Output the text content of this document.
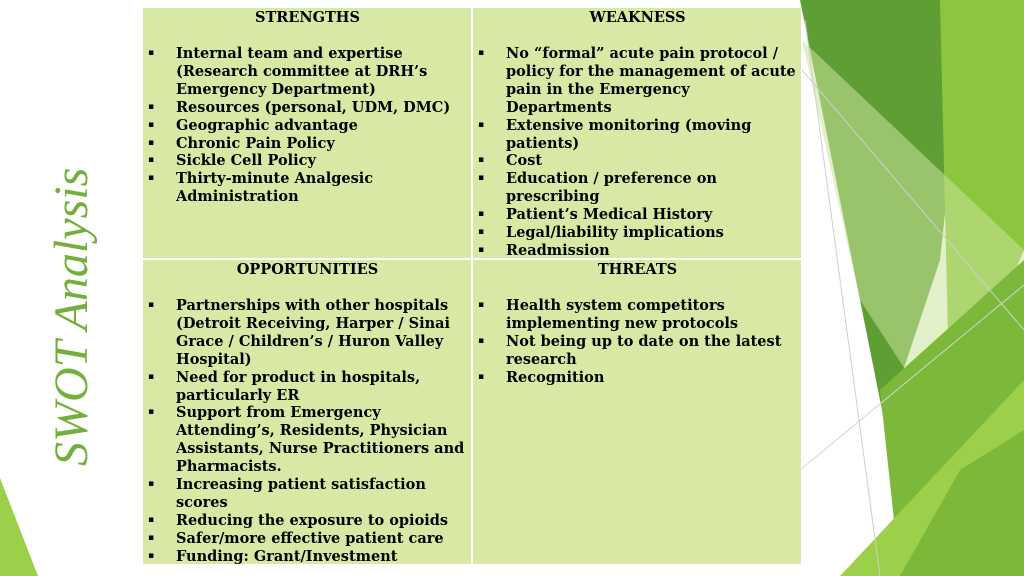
SWOT Analysis
STRENGTHS
▪	Internal team and expertise (Research committee at DRH’s Emergency Department)
▪	Resources (personal, UDM, DMC)
▪	Geographic advantage
▪	Chronic Pain Policy
▪	Sickle Cell Policy
▪	Thirty-minute Analgesic Administration
WEAKNESS
▪	No “formal” acute pain protocol / policy for the management of acute pain in the Emergency Departments
▪	Extensive monitoring (moving patients)
▪	Cost
▪	Education / preference on prescribing
▪	Patient’s Medical History
▪	Legal/liability implications
▪	Readmission
OPPORTUNITIES
▪	Partnerships with other hospitals (Detroit Receiving, Harper / Sinai Grace / Children’s / Huron Valley Hospital)
▪	Need for product in hospitals, particularly ER
▪	Support from Emergency Attending’s, Residents, Physician Assistants, Nurse Practitioners and Pharmacists.
▪	Increasing patient satisfaction scores
▪	Reducing the exposure to opioids
▪	Safer/more effective patient care
▪	Funding: Grant/Investment
THREATS
▪	Health system competitors implementing new protocols
▪	Not being up to date on the latest research
▪	Recognition
